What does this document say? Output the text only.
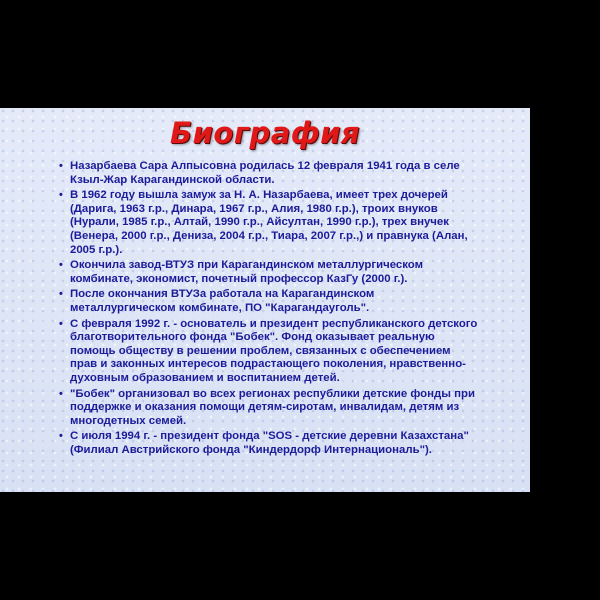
Биография
• Назарбаева Сара Алпысовна родилась 12 февраля 1941 года в селе Кзыл-Жар Карагандинской области.
• В 1962 году вышла замуж за Н. А. Назарбаева, имеет трех дочерей (Дарига, 1963 г.р., Динара, 1967 г.р., Алия, 1980 г.р.), троих внуков (Нурали, 1985 г.р., Алтай, 1990 г.р., Айсултан, 1990 г.р.), трех внучек (Венера, 2000 г.р., Дениза, 2004 г.р., Тиара, 2007 г.р.,) и правнука (Алан, 2005 г.р.).
• Окончила завод-ВТУЗ при Карагандинском металлургическом комбинате, экономист, почетный профессор КазГу (2000 г.).
• После окончания ВТУЗа работала на Карагандинском металлургическом комбинате, ПО "Карагандауголь".
• С февраля 1992 г. - основатель и президент республиканского детского благотворительного фонда "Бобек". Фонд оказывает реальную помощь обществу в решении проблем, связанных с обеспечением прав и законных интересов подрастающего поколения, нравственно-духовным образованием и воспитанием детей.
• "Бобек" организовал во всех регионах республики детские фонды при поддержке и оказания помощи детям-сиротам, инвалидам, детям из многодетных семей.
• С июля 1994 г. - президент фонда "SOS - детские деревни Казахстана" (Филиал Австрийского фонда "Киндердорф Интернациональ").
